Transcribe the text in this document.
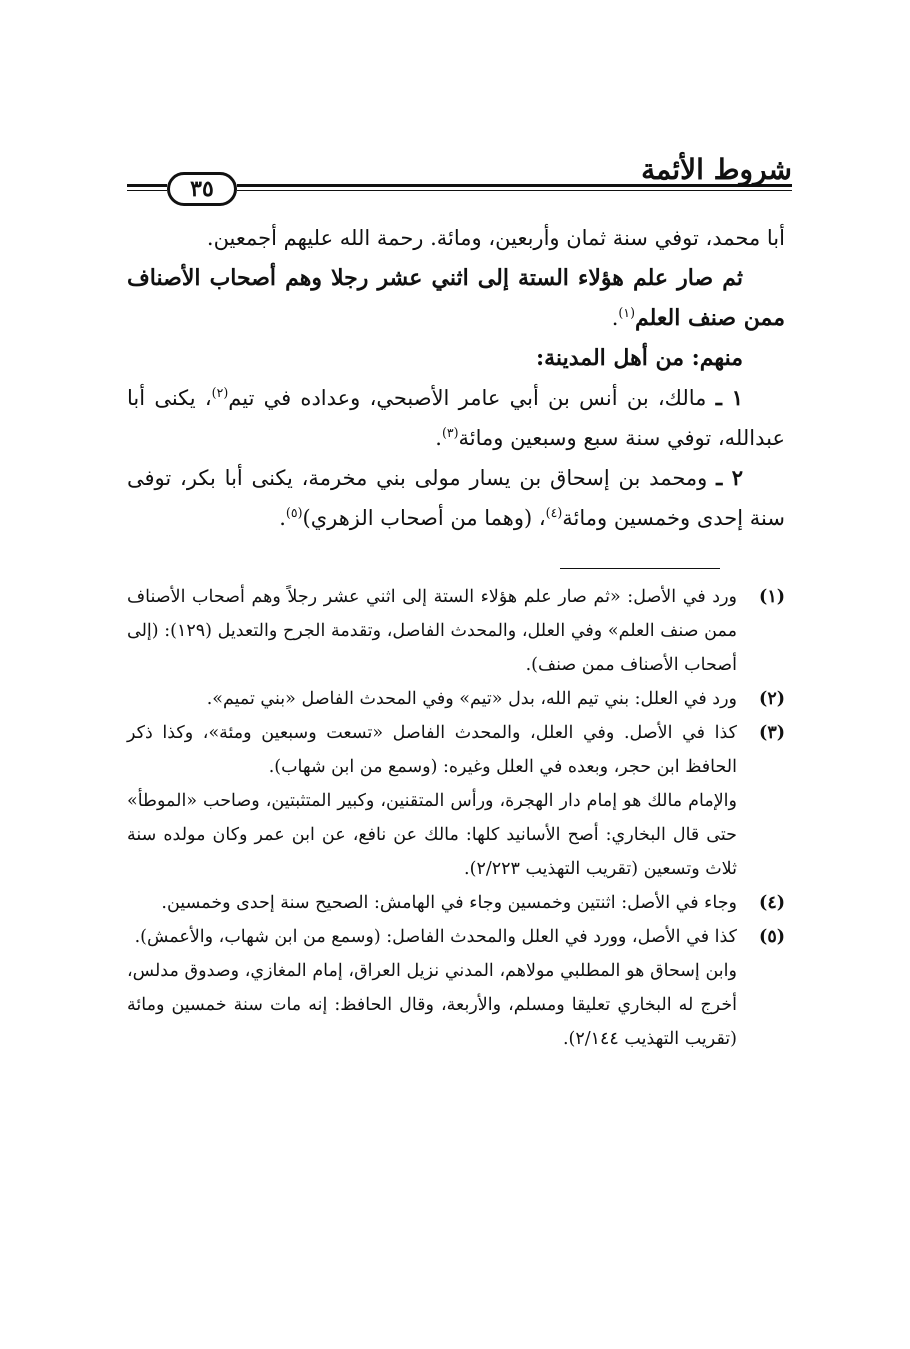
شروط الأئمة
٣٥

أبا محمد، توفي سنة ثمان وأربعين، ومائة. رحمة الله عليهم أجمعين.

ثم صار علم هؤلاء الستة إلى اثني عشر رجلا وهم أصحاب الأصناف ممن صنف العلم$^{(١)}$.

منهم: من أهل المدينة:

١ ـ مالك، بن أنس بن أبي عامر الأصبحي، وعداده في تيم$^{(٢)}$، يكنى أبا عبدالله، توفي سنة سبع وسبعين ومائة$^{(٣)}$.

٢ ـ ومحمد بن إسحاق بن يسار مولى بني مخرمة، يكنى أبا بكر، توفى سنة إحدى وخمسين ومائة$^{(٤)}$، (وهما من أصحاب الزهري)$^{(٥)}$.

(١)
ورد في الأصل: «ثم صار علم هؤلاء الستة إلى اثني عشر رجلاً وهم أصحاب الأصناف ممن صنف العلم» وفي العلل، والمحدث الفاصل، وتقدمة الجرح والتعديل (١٢٩): (إلى أصحاب الأصناف ممن صنف).
(٢)
ورد في العلل: بني تيم الله، بدل «تيم» وفي المحدث الفاصل «بني تميم».
(٣)
كذا في الأصل. وفي العلل، والمحدث الفاصل «تسعت وسبعين ومئة»، وكذا ذكر الحافظ ابن حجر، وبعده في العلل وغيره: (وسمع من ابن شهاب).
والإمام مالك هو إمام دار الهجرة، ورأس المتقنين، وكبير المتثبتين، وصاحب «الموطأ» حتى قال البخاري: أصح الأسانيد كلها: مالك عن نافع، عن ابن عمر وكان مولده سنة ثلاث وتسعين (تقريب التهذيب ٢/٢٢٣).
(٤)
وجاء في الأصل: اثنتين وخمسين وجاء في الهامش: الصحيح سنة إحدى وخمسين.
(٥)
كذا في الأصل، وورد في العلل والمحدث الفاصل: (وسمع من ابن شهاب، والأعمش).
وابن إسحاق هو المطلبي مولاهم، المدني نزيل العراق، إمام المغازي، وصدوق مدلس، أخرج له البخاري تعليقا ومسلم، والأربعة، وقال الحافظ: إنه مات سنة خمسين ومائة (تقريب التهذيب ٢/١٤٤).
